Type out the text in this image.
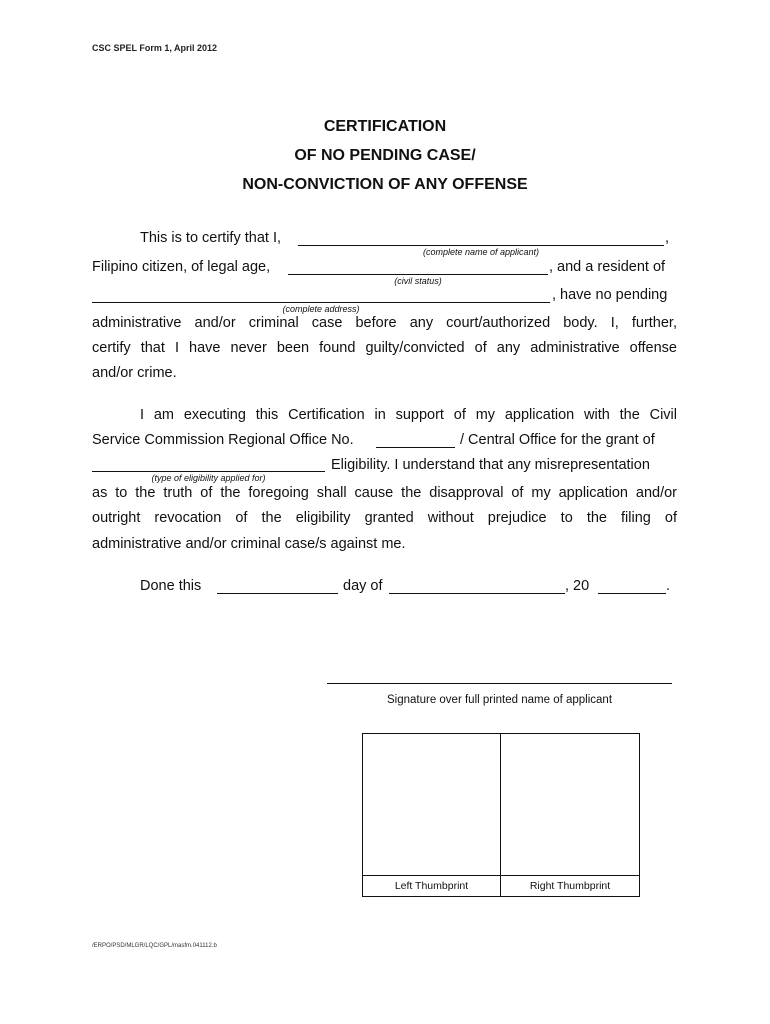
CSC SPEL Form 1, April 2012
CERTIFICATION
OF NO PENDING CASE/
NON-CONVICTION OF ANY OFFENSE
This is to certify that I,	,
(complete name of applicant)
Filipino citizen, of legal age,	, and a resident of
(civil status)
, have no pending
(complete address)
administrative and/or criminal case before any court/authorized body. I, further,
certify that I have never been found guilty/convicted of any administrative offense
and/or crime.
I am executing this Certification in support of my application with the Civil
Service Commission Regional Office No.	/ Central Office for the grant of
Eligibility. I understand that any misrepresentation
(type of eligibility applied for)
as to the truth of the foregoing shall cause the disapproval of my application and/or
outright revocation of the eligibility granted without prejudice to the filing of
administrative and/or criminal case/s against me.
Done this	day of	, 20	.
Signature over full printed name of applicant
Left Thumbprint	Right Thumbprint
/ERPO/PSD/MLGR/LQC/GPL/masfm.041112.b
